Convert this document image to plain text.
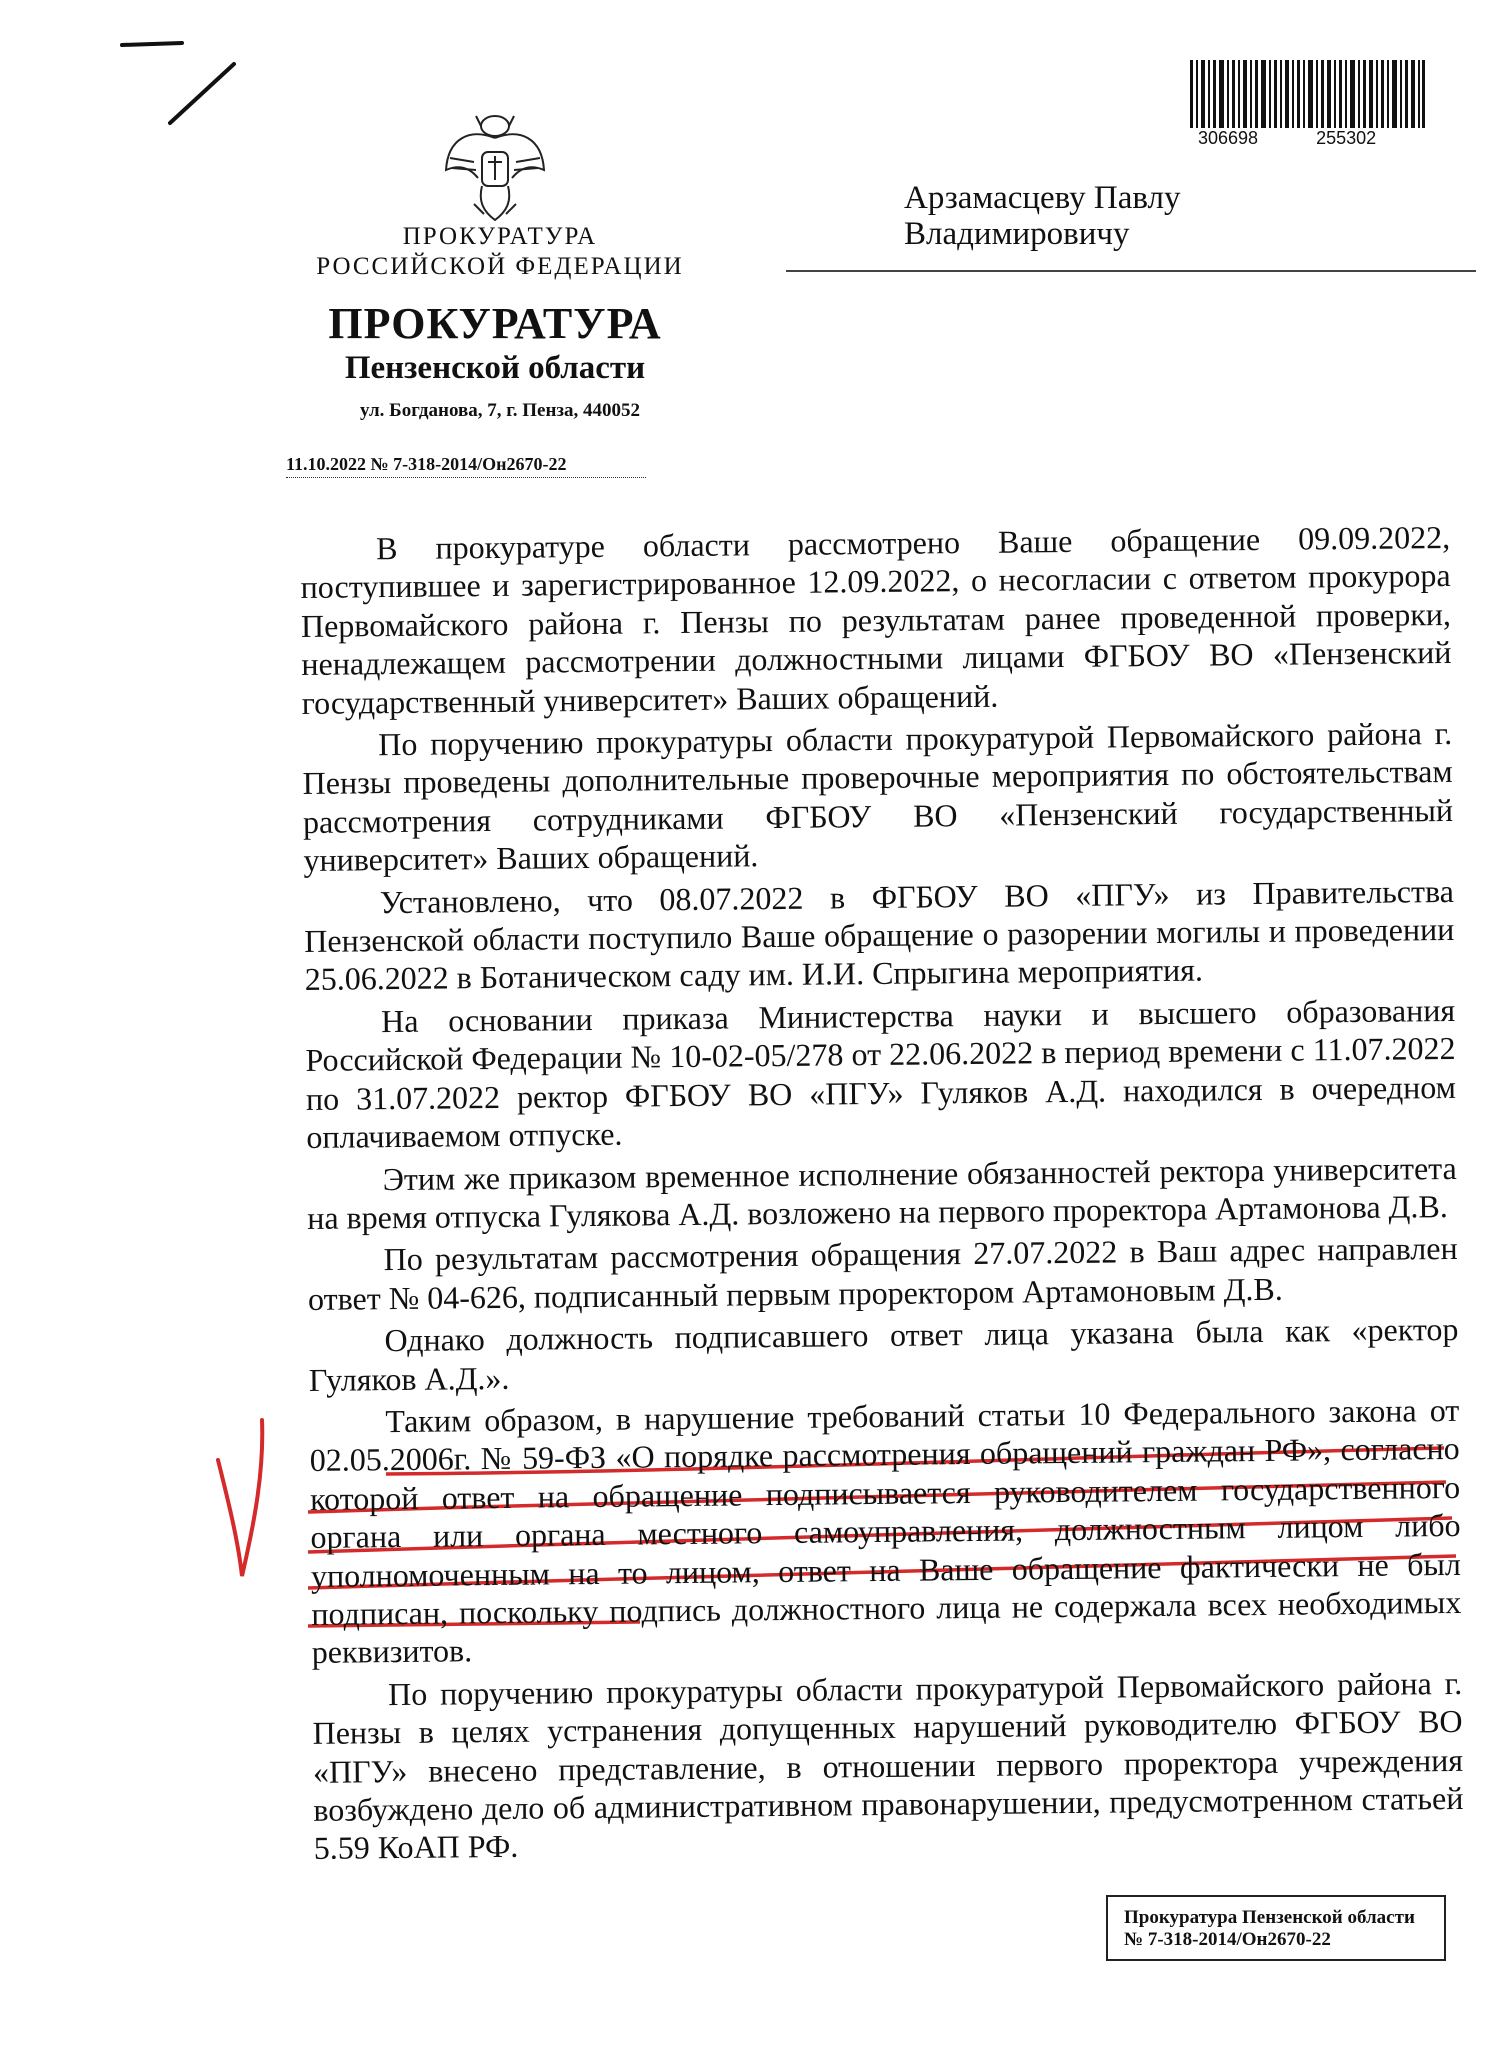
ПРОКУРАТУРА
РОССИЙСКОЙ ФЕДЕРАЦИИ
ПРОКУРАТУРА
Пензенской области
ул. Богданова, 7, г. Пенза, 440052
11.10.2022 № 7-318-2014/Он2670-22
306698	255302
Арзамасцеву Павлу
Владимировичу

В прокуратуре области рассмотрено Ваше обращение 09.09.2022, поступившее и зарегистрированное 12.09.2022, о несогласии с ответом прокурора Первомайского района г. Пензы по результатам ранее проведенной проверки, ненадлежащем рассмотрении должностными лицами ФГБОУ ВО «Пензенский государственный университет» Ваших обращений.

По поручению прокуратуры области прокуратурой Первомайского района г. Пензы проведены дополнительные проверочные мероприятия по обстоятельствам рассмотрения сотрудниками ФГБОУ ВО «Пензенский государственный университет» Ваших обращений.

Установлено, что 08.07.2022 в ФГБОУ ВО «ПГУ» из Правительства Пензенской области поступило Ваше обращение о разорении могилы и проведении 25.06.2022 в Ботаническом саду им. И.И. Спрыгина мероприятия.

На основании приказа Министерства науки и высшего образования Российской Федерации № 10-02-05/278 от 22.06.2022 в период времени с 11.07.2022 по 31.07.2022 ректор ФГБОУ ВО «ПГУ» Гуляков А.Д. находился в очередном оплачиваемом отпуске.

Этим же приказом временное исполнение обязанностей ректора университета на время отпуска Гулякова А.Д. возложено на первого проректора Артамонова Д.В.

По результатам рассмотрения обращения 27.07.2022 в Ваш адрес направлен ответ № 04-626, подписанный первым проректором Артамоновым Д.В.

Однако должность подписавшего ответ лица указана была как «ректор Гуляков А.Д.».

Таким образом, в нарушение требований статьи 10 Федерального закона от 02.05.2006г. № 59-ФЗ «О порядке рассмотрения обращений граждан РФ», согласно которой ответ на обращение подписывается руководителем государственного органа или органа местного самоуправления, должностным лицом либо уполномоченным на то лицом, ответ на Ваше обращение фактически не был подписан, поскольку подпись должностного лица не содержала всех необходимых реквизитов.

По поручению прокуратуры области прокуратурой Первомайского района г. Пензы в целях устранения допущенных нарушений руководителю ФГБОУ ВО «ПГУ» внесено представление, в отношении первого проректора учреждения возбуждено дело об административном правонарушении, предусмотренном статьей 5.59 КоАП РФ.

Прокуратура Пензенской области
№ 7-318-2014/Он2670-22
